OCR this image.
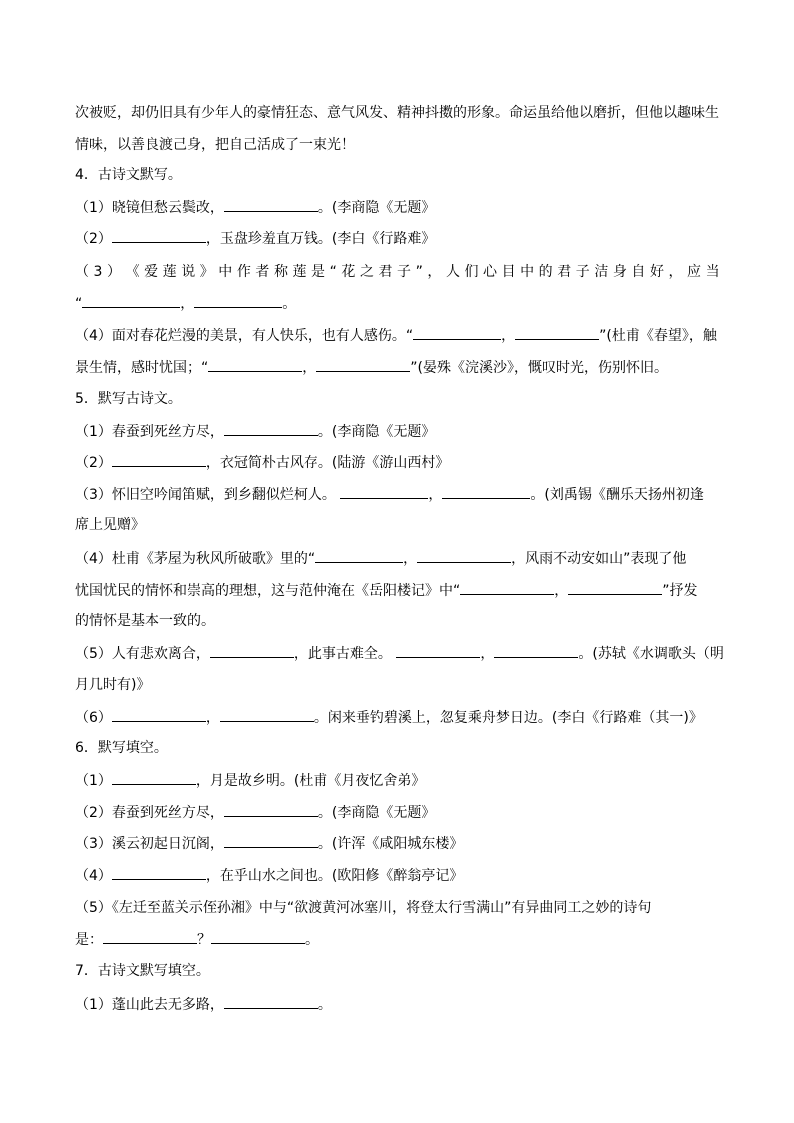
次被贬，却仍旧具有少年人的豪情狂态、意气风发、精神抖擞的形象。命运虽给他以磨折，但他以趣味生
情味，以善良渡己身，把自己活成了一束光！
4．古诗文默写。
（1）晓镜但愁云鬓改，	。(李商隐《无题》
（2）	，玉盘珍羞直万钱。(李白《行路难》
（ 3 ） 《 爱 莲 说 》 中 作 者 称 莲 是 “ 花 之 君 子 ” ， 人 们 心 目 中 的 君 子 洁 身 自 好 ， 应 当
“	，	。
（4）面对春花烂漫的美景，有人快乐，也有人感伤。“	，	”(杜甫《春望》，触
景生情，感时忧国；“	，	”(晏殊《浣溪沙》，慨叹时光，伤别怀旧。
5．默写古诗文。
（1）春蚕到死丝方尽，	。(李商隐《无题》
（2）	，衣冠简朴古风存。(陆游《游山西村》
（3）怀旧空吟闻笛赋，到乡翻似烂柯人。	，	。(刘禹锡《酬乐天扬州初逢
席上见赠》
（4）杜甫《茅屋为秋风所破歌》里的“	，	，风雨不动安如山”表现了他
忧国忧民的情怀和崇高的理想，这与范仲淹在《岳阳楼记》中“	，	”抒发
的情怀是基本一致的。
（5）人有悲欢离合，	，此事古难全。	，	。(苏轼《水调歌头（明
月几时有)》
（6）	，	。闲来垂钓碧溪上，忽复乘舟梦日边。(李白《行路难（其一)》
6．默写填空。
（1）	，月是故乡明。(杜甫《月夜忆舍弟》
（2）春蚕到死丝方尽，	。(李商隐《无题》
（3）溪云初起日沉阁，	。(许浑《咸阳城东楼》
（4）	，在乎山水之间也。(欧阳修《醉翁亭记》
（5）《左迁至蓝关示侄孙湘》中与“欲渡黄河冰塞川，将登太行雪满山”有异曲同工之妙的诗句
是：	？	。
7．古诗文默写填空。
（1）蓬山此去无多路，	。
